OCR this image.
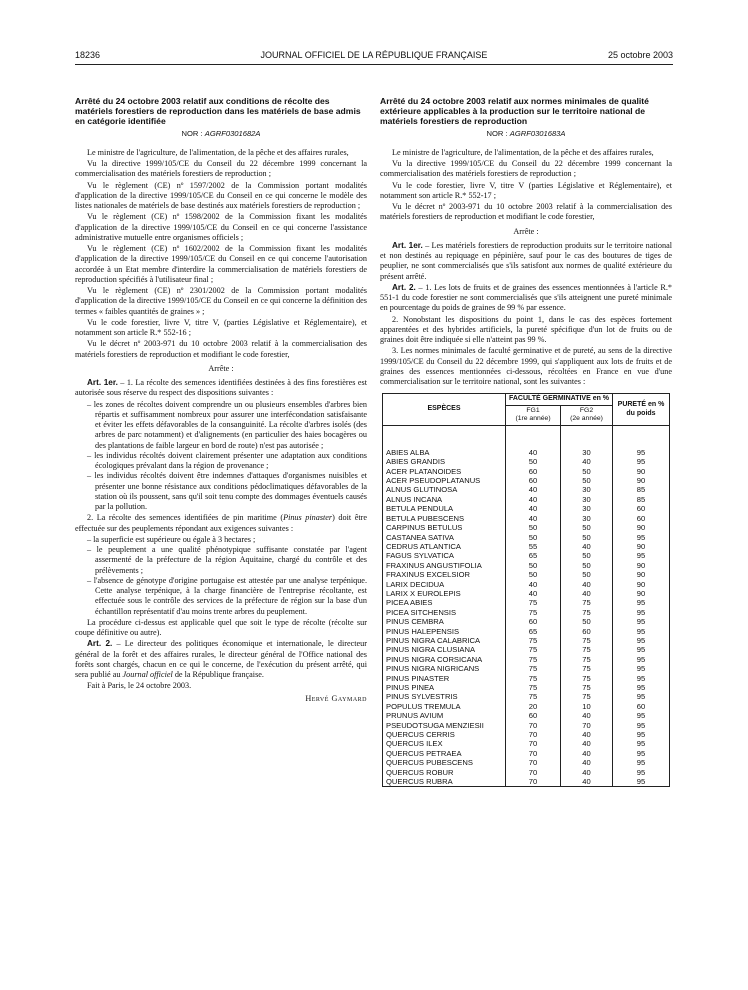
18236	JOURNAL OFFICIEL DE LA RÉPUBLIQUE FRANÇAISE	25 octobre 2003
Arrêté du 24 octobre 2003 relatif aux conditions de récolte des matériels forestiers de reproduction dans les matériels de base admis en catégorie identifiée
NOR : AGRF0301682A

Le ministre de l'agriculture, de l'alimentation, de la pêche et des affaires rurales,

Vu la directive 1999/105/CE du Conseil du 22 décembre 1999 concernant la commercialisation des matériels forestiers de reproduction ;

Vu le règlement (CE) nº 1597/2002 de la Commission portant modalités d'application de la directive 1999/105/CE du Conseil en ce qui concerne le modèle des listes nationales de matériels de base destinés aux matériels forestiers de reproduction ;

Vu le règlement (CE) nº 1598/2002 de la Commission fixant les modalités d'application de la directive 1999/105/CE du Conseil en ce qui concerne l'assistance administrative mutuelle entre organismes officiels ;

Vu le règlement (CE) nº 1602/2002 de la Commission fixant les modalités d'application de la directive 1999/105/CE du Conseil en ce qui concerne l'autorisation accordée à un Etat membre d'interdire la commercialisation de matériels forestiers de reproduction spécifiés à l'utilisateur final ;

Vu le règlement (CE) nº 2301/2002 de la Commission portant modalités d'application de la directive 1999/105/CE du Conseil en ce qui concerne la définition des termes « faibles quantités de graines » ;

Vu le code forestier, livre V, titre V, (parties Législative et Réglementaire), et notamment son article R.* 552-16 ;

Vu le décret nº 2003-971 du 10 octobre 2003 relatif à la commercialisation des matériels forestiers de reproduction et modifiant le code forestier,

Arrête :

Art. 1er. – 1. La récolte des semences identifiées destinées à des fins forestières est autorisée sous réserve du respect des dispositions suivantes :

– les zones de récoltes doivent comprendre un ou plusieurs ensembles d'arbres bien répartis et suffisamment nombreux pour assurer une interfécondation satisfaisante et éviter les effets défavorables de la consanguinité. La récolte d'arbres isolés (des arbres de parc notamment) et d'alignements (en particulier des haies bocagères ou des plantations de faible largeur en bord de route) n'est pas autorisée ;
– les individus récoltés doivent clairement présenter une adaptation aux conditions écologiques prévalant dans la région de provenance ;
– les individus récoltés doivent être indemnes d'attaques d'organismes nuisibles et présenter une bonne résistance aux conditions pédoclimatiques défavorables de la station où ils poussent, sans qu'il soit tenu compte des dommages éventuels causés par la pollution.

2. La récolte des semences identifiées de pin maritime (Pinus pinaster) doit être effectuée sur des peuplements répondant aux exigences suivantes :

– la superficie est supérieure ou égale à 3 hectares ;
– le peuplement a une qualité phénotypique suffisante constatée par l'agent assermenté de la préfecture de la région Aquitaine, chargé du contrôle et des prélèvements ;
– l'absence de génotype d'origine portugaise est attestée par une analyse terpénique. Cette analyse terpénique, à la charge financière de l'entreprise récoltante, est effectuée sous le contrôle des services de la préfecture de région sur la base d'un échantillon représentatif d'au moins trente arbres du peuplement.

La procédure ci-dessus est applicable quel que soit le type de récolte (récolte sur coupe définitive ou autre).

Art. 2. – Le directeur des politiques économique et internationale, le directeur général de la forêt et des affaires rurales, le directeur général de l'Office national des forêts sont chargés, chacun en ce qui le concerne, de l'exécution du présent arrêté, qui sera publié au Journal officiel de la République française.

Fait à Paris, le 24 octobre 2003.

Hervé Gaymard
Arrêté du 24 octobre 2003 relatif aux normes minimales de qualité extérieure applicables à la production sur le territoire national de matériels forestiers de reproduction
NOR : AGRF0301683A

Le ministre de l'agriculture, de l'alimentation, de la pêche et des affaires rurales,

Vu la directive 1999/105/CE du Conseil du 22 décembre 1999 concernant la commercialisation des matériels forestiers de reproduction ;

Vu le code forestier, livre V, titre V (parties Législative et Réglementaire), et notamment son article R.* 552-17 ;

Vu le décret nº 2003-971 du 10 octobre 2003 relatif à la commercialisation des matériels forestiers de reproduction et modifiant le code forestier,

Arrête :

Art. 1er. – Les matériels forestiers de reproduction produits sur le territoire national et non destinés au repiquage en pépinière, sauf pour le cas des boutures de tiges de peuplier, ne sont commercialisés que s'ils satisfont aux normes de qualité extérieure du présent arrêté.

Art. 2. – 1. Les lots de fruits et de graines des essences mentionnées à l'article R.* 551-1 du code forestier ne sont commercialisés que s'ils atteignent une pureté minimale en pourcentage du poids de graines de 99 % par essence.

2. Nonobstant les dispositions du point 1, dans le cas des espèces fortement apparentées et des hybrides artificiels, la pureté spécifique d'un lot de fruits ou de graines doit être indiquée si elle n'atteint pas 99 %.

3. Les normes minimales de faculté germinative et de pureté, au sens de la directive 1999/105/CE du Conseil du 22 décembre 1999, qui s'appliquent aux lots de fruits et de graines des essences mentionnées ci-dessous, récoltées en France en vue d'une commercialisation sur le territoire national, sont les suivantes :

ESPÈCES	FACULTÉ GERMINATIVE en %		PURETÉ en % du poids
	FG1
(1re année)	FG2
(2e année)	

ABIES ALBA	40	30	95
ABIES GRANDIS	50	40	95
ACER PLATANOIDES	60	50	90
ACER PSEUDOPLATANUS	60	50	90
ALNUS GLUTINOSA	40	30	85
ALNUS INCANA	40	30	85
BETULA PENDULA	40	30	60
BETULA PUBESCENS	40	30	60
CARPINUS BETULUS	50	50	90
CASTANEA SATIVA	50	50	95
CEDRUS ATLANTICA	55	40	90
FAGUS SYLVATICA	65	50	95
FRAXINUS ANGUSTIFOLIA	50	50	90
FRAXINUS EXCELSIOR	50	50	90
LARIX DECIDUA	40	40	90
LARIX X EUROLEPIS	40	40	90
PICEA ABIES	75	75	95
PICEA SITCHENSIS	75	75	95
PINUS CEMBRA	60	50	95
PINUS HALEPENSIS	65	60	95
PINUS NIGRA CALABRICA	75	75	95
PINUS NIGRA CLUSIANA	75	75	95
PINUS NIGRA CORSICANA	75	75	95
PINUS NIGRA NIGRICANS	75	75	95
PINUS PINASTER	75	75	95
PINUS PINEA	75	75	95
PINUS SYLVESTRIS	75	75	95
POPULUS TREMULA	20	10	60
PRUNUS AVIUM	60	40	95
PSEUDOTSUGA MENZIESII	70	70	95
QUERCUS CERRIS	70	40	95
QUERCUS ILEX	70	40	95
QUERCUS PETRAEA	70	40	95
QUERCUS PUBESCENS	70	40	95
QUERCUS ROBUR	70	40	95
QUERCUS RUBRA	70	40	95
